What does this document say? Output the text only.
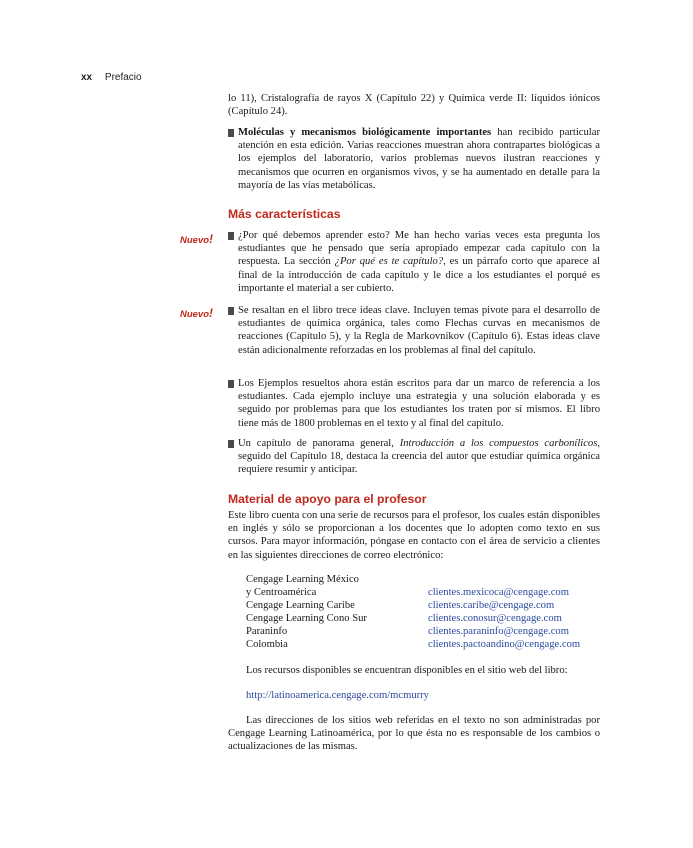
xx Prefacio

lo 11), Cristalografía de rayos X (Capítulo 22) y Química verde II: líquidos iónicos (Capítulo 24).

Moléculas y mecanismos biológicamente importantes han recibido particular atención en esta edición. Varias reacciones muestran ahora contrapartes biológicas a los ejemplos del laboratorio, varios problemas nuevos ilustran reacciones y mecanismos que ocurren en organismos vivos, y se ha aumentado en detalle para la mayoría de las vías metabólicas.
Más características
Nuevo! ¿Por qué debemos aprender esto? Me han hecho varias veces esta pregunta los estudiantes que he pensado que sería apropiado empezar cada capítulo con la respuesta. La sección ¿Por qué es te capítulo?, es un párrafo corto que aparece al final de la introducción de cada capítulo y le dice a los estudiantes el porqué es importante el material a ser cubierto.
Nuevo! Se resaltan en el libro trece ideas clave. Incluyen temas pivote para el desarrollo de estudiantes de química orgánica, tales como Flechas curvas en mecanismos de reacciones (Capítulo 5), y la Regla de Markovnikov (Capítulo 6). Estas ideas clave están adicionalmente reforzadas en los problemas al final del capítulo.
Los Ejemplos resueltos ahora están escritos para dar un marco de referencia a los estudiantes. Cada ejemplo incluye una estrategia y una solución elaborada y es seguido por problemas para que los estudiantes los traten por sí mismos. El libro tiene más de 1800 problemas en el texto y al final del capítulo.
Un capítulo de panorama general, Introducción a los compuestos carbonílicos, seguido del Capítulo 18, destaca la creencia del autor que estudiar química orgánica requiere resumir y anticipar.
Material de apoyo para el profesor

Este libro cuenta con una serie de recursos para el profesor, los cuales están disponibles en inglés y sólo se proporcionan a los docentes que lo adopten como texto en sus cursos. Para mayor información, póngase en contacto con el área de servicio a clientes en las siguientes direcciones de correo electrónico:

Cengage Learning México
y Centroamérica	clientes.mexicoca@cengage.com
Cengage Learning Caribe	clientes.caribe@cengage.com
Cengage Learning Cono Sur	clientes.conosur@cengage.com
Paraninfo	clientes.paraninfo@cengage.com
Colombia	clientes.pactoandino@cengage.com
Los recursos disponibles se encuentran disponibles en el sitio web del libro:
http://latinoamerica.cengage.com/mcmurry

Las direcciones de los sitios web referidas en el texto no son administradas por Cengage Learning Latinoamérica, por lo que ésta no es responsable de los cambios o actualizaciones de las mismas.
